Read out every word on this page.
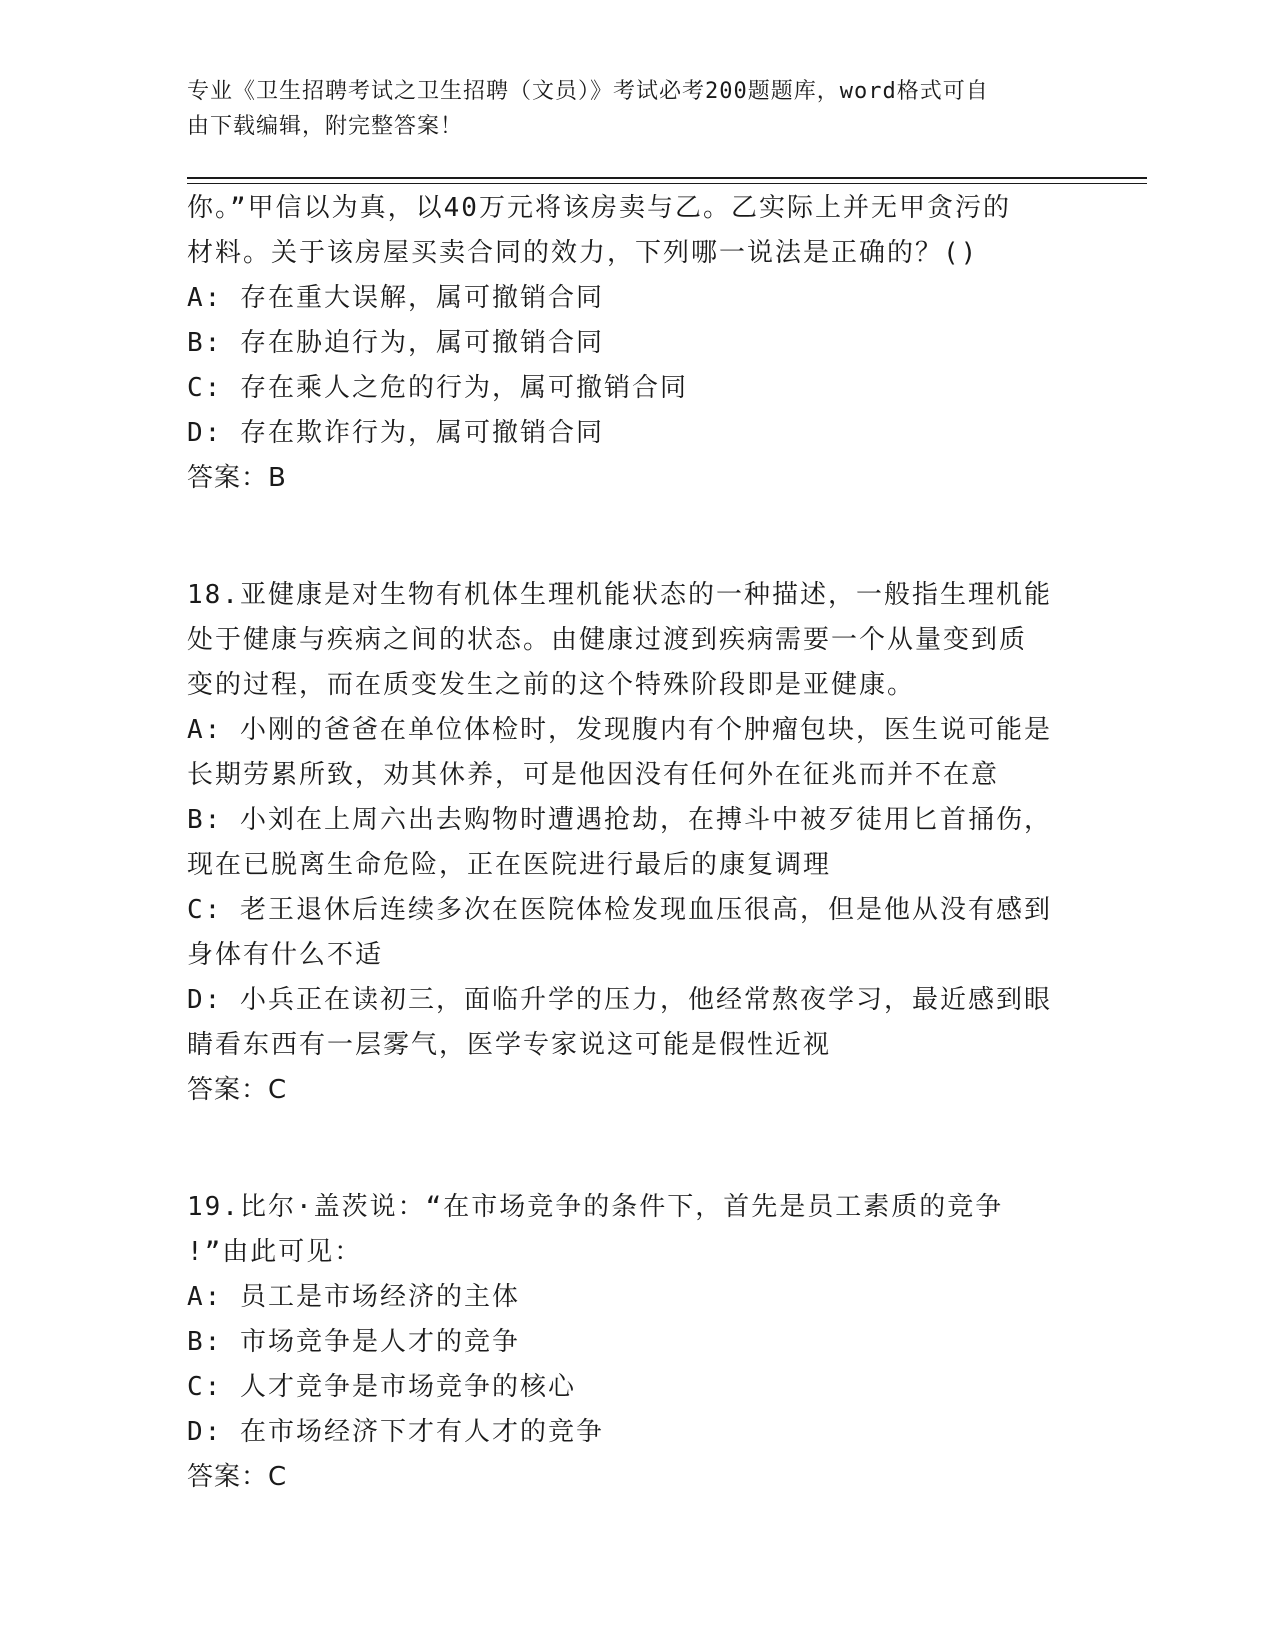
专业《卫生招聘考试之卫生招聘（文员）》考试必考200题题库，word格式可自
由下载编辑，附完整答案！
你。”甲信以为真，以40万元将该房卖与乙。乙实际上并无甲贪污的
材料。关于该房屋买卖合同的效力，下列哪一说法是正确的？()
A: 存在重大误解，属可撤销合同
B: 存在胁迫行为，属可撤销合同
C: 存在乘人之危的行为，属可撤销合同
D: 存在欺诈行为，属可撤销合同
答案：B
18.亚健康是对生物有机体生理机能状态的一种描述，一般指生理机能
处于健康与疾病之间的状态。由健康过渡到疾病需要一个从量变到质
变的过程，而在质变发生之前的这个特殊阶段即是亚健康。
A: 小刚的爸爸在单位体检时，发现腹内有个肿瘤包块，医生说可能是
长期劳累所致，劝其休养，可是他因没有任何外在征兆而并不在意
B: 小刘在上周六出去购物时遭遇抢劫，在搏斗中被歹徒用匕首捅伤，
现在已脱离生命危险，正在医院进行最后的康复调理
C: 老王退休后连续多次在医院体检发现血压很高，但是他从没有感到
身体有什么不适
D: 小兵正在读初三，面临升学的压力，他经常熬夜学习，最近感到眼
睛看东西有一层雾气，医学专家说这可能是假性近视
答案：C
19.比尔·盖茨说：“在市场竞争的条件下，首先是员工素质的竞争
!”由此可见：
A: 员工是市场经济的主体
B: 市场竞争是人才的竞争
C: 人才竞争是市场竞争的核心
D: 在市场经济下才有人才的竞争
答案：C
